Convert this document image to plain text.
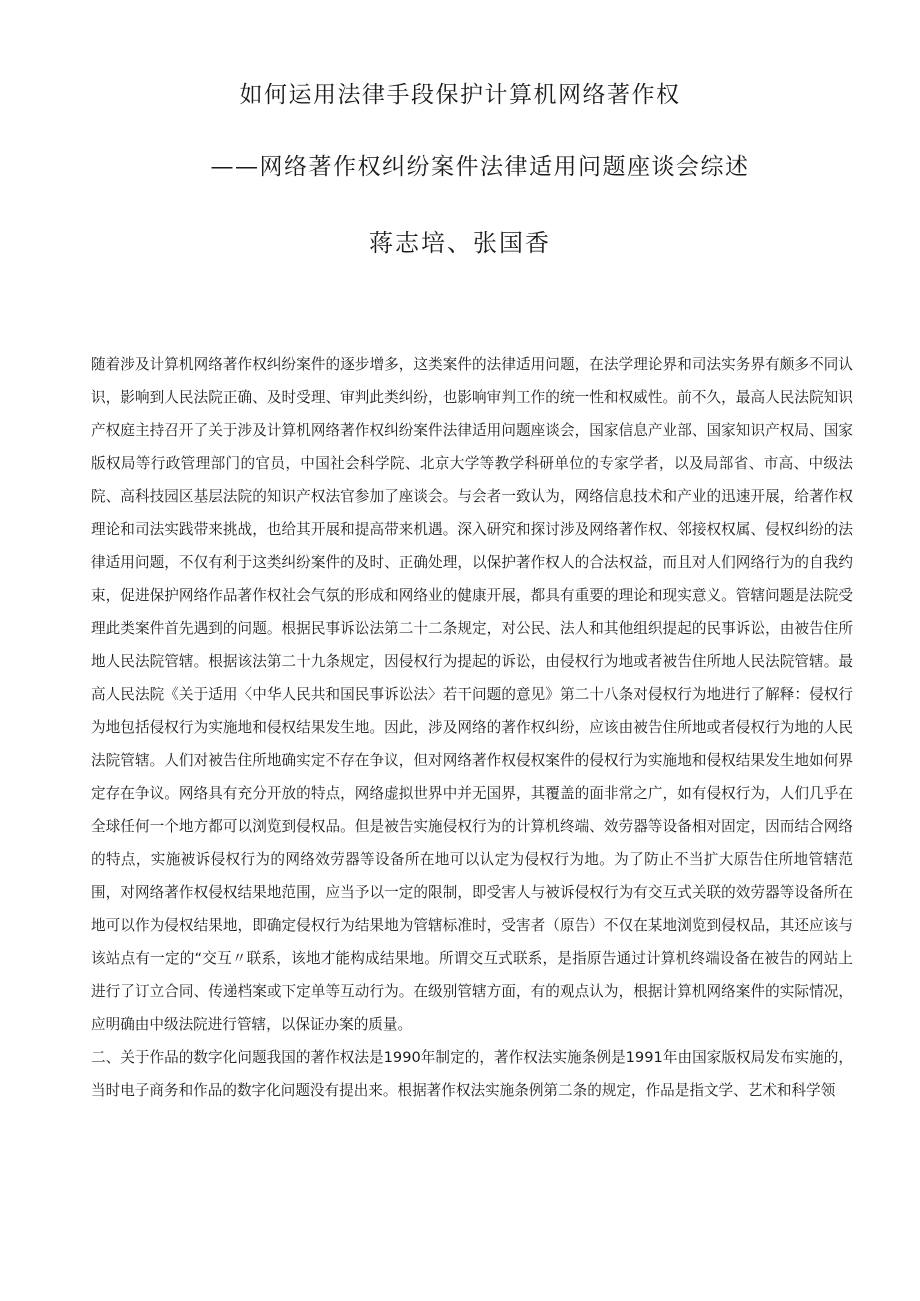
如何运用法律手段保护计算机网络著作权
——网络著作权纠纷案件法律适用问题座谈会综述
蒋志培、张国香

随着涉及计算机网络著作权纠纷案件的逐步增多，这类案件的法律适用问题，在法学理论界和司法实务界有颇多不同认识，影响到人民法院正确、及时受理、审判此类纠纷，也影响审判工作的统一性和权威性。前不久，最高人民法院知识产权庭主持召开了关于涉及计算机网络著作权纠纷案件法律适用问题座谈会，国家信息产业部、国家知识产权局、国家版权局等行政管理部门的官员，中国社会科学院、北京大学等教学科研单位的专家学者，以及局部省、市高、中级法院、高科技园区基层法院的知识产权法官参加了座谈会。与会者一致认为，网络信息技术和产业的迅速开展，给著作权理论和司法实践带来挑战，也给其开展和提高带来机遇。深入研究和探讨涉及网络著作权、邻接权权属、侵权纠纷的法律适用问题，不仅有利于这类纠纷案件的及时、正确处理，以保护著作权人的合法权益，而且对人们网络行为的自我约束，促进保护网络作品著作权社会气氛的形成和网络业的健康开展，都具有重要的理论和现实意义。管辖问题是法院受理此类案件首先遇到的问题。根据民事诉讼法第二十二条规定，对公民、法人和其他组织提起的民事诉讼，由被告住所地人民法院管辖。根据该法第二十九条规定，因侵权行为提起的诉讼，由侵权行为地或者被告住所地人民法院管辖。最高人民法院《关于适用〈中华人民共和国民事诉讼法〉若干问题的意见》第二十八条对侵权行为地进行了解释：侵权行为地包括侵权行为实施地和侵权结果发生地。因此，涉及网络的著作权纠纷，应该由被告住所地或者侵权行为地的人民法院管辖。人们对被告住所地确实定不存在争议，但对网络著作权侵权案件的侵权行为实施地和侵权结果发生地如何界定存在争议。网络具有充分开放的特点，网络虚拟世界中并无国界，其覆盖的面非常之广，如有侵权行为，人们几乎在全球任何一个地方都可以浏览到侵权品。但是被告实施侵权行为的计算机终端、效劳器等设备相对固定，因而结合网络的特点，实施被诉侵权行为的网络效劳器等设备所在地可以认定为侵权行为地。为了防止不当扩大原告住所地管辖范围，对网络著作权侵权结果地范围，应当予以一定的限制，即受害人与被诉侵权行为有交互式关联的效劳器等设备所在地可以作为侵权结果地，即确定侵权行为结果地为管辖标准时，受害者（原告）不仅在某地浏览到侵权品，其还应该与该站点有一定的“交互〃联系，该地才能构成结果地。所谓交互式联系，是指原告通过计算机终端设备在被告的网站上进行了订立合同、传递档案或下定单等互动行为。在级别管辖方面，有的观点认为，根据计算机网络案件的实际情况，应明确由中级法院进行管辖，以保证办案的质量。

二、关于作品的数字化问题我国的著作权法是1990年制定的，著作权法实施条例是1991年由国家版权局发布实施的，当时电子商务和作品的数字化问题没有提出来。根据著作权法实施条例第二条的规定，作品是指文学、艺术和科学领
